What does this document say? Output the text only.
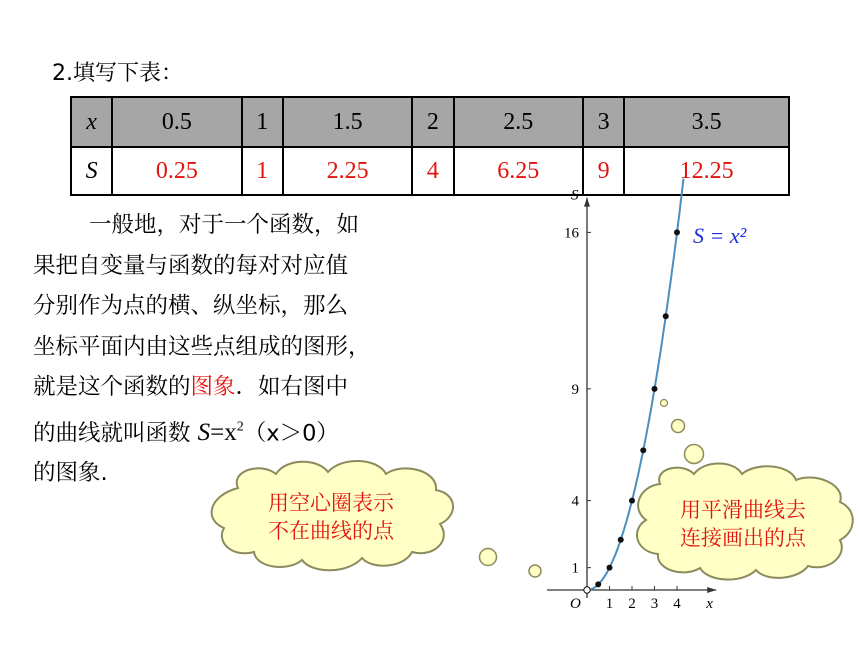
2.填写下表：
x	0.5	1	1.5	2	2.5	3	3.5
S	0.25	1	2.25	4	6.25	9	12.25
一般地，对于一个函数，如
果把自变量与函数的每对对应值
分别作为点的横、纵坐标，那么
坐标平面内由这些点组成的图形，
就是这个函数的图象．如右图中
的曲线就叫函数 $S=x^2(x>0)$
的图象.
x
S
O 1 2 3 4
1
4
9
16	S = x²
用空心圈表示
不在曲线的点
用平滑曲线去
连接画出的点
